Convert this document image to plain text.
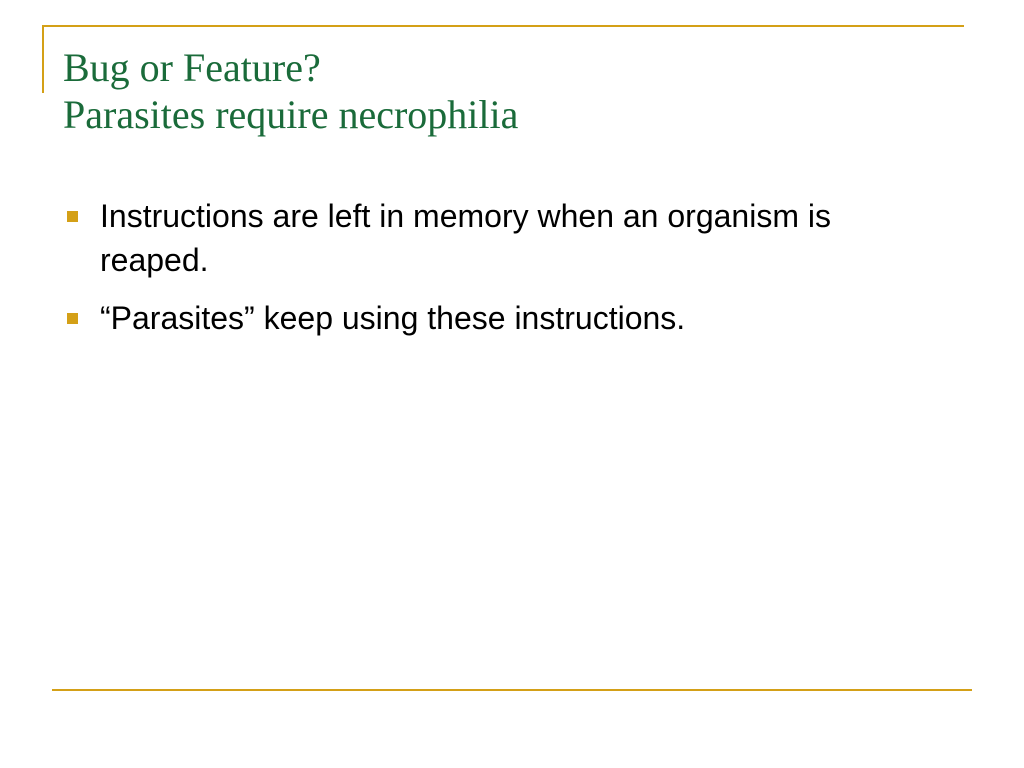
Bug or Feature?
Parasites require necrophilia
Instructions are left in memory when an organism is reaped.
“Parasites” keep using these instructions.
